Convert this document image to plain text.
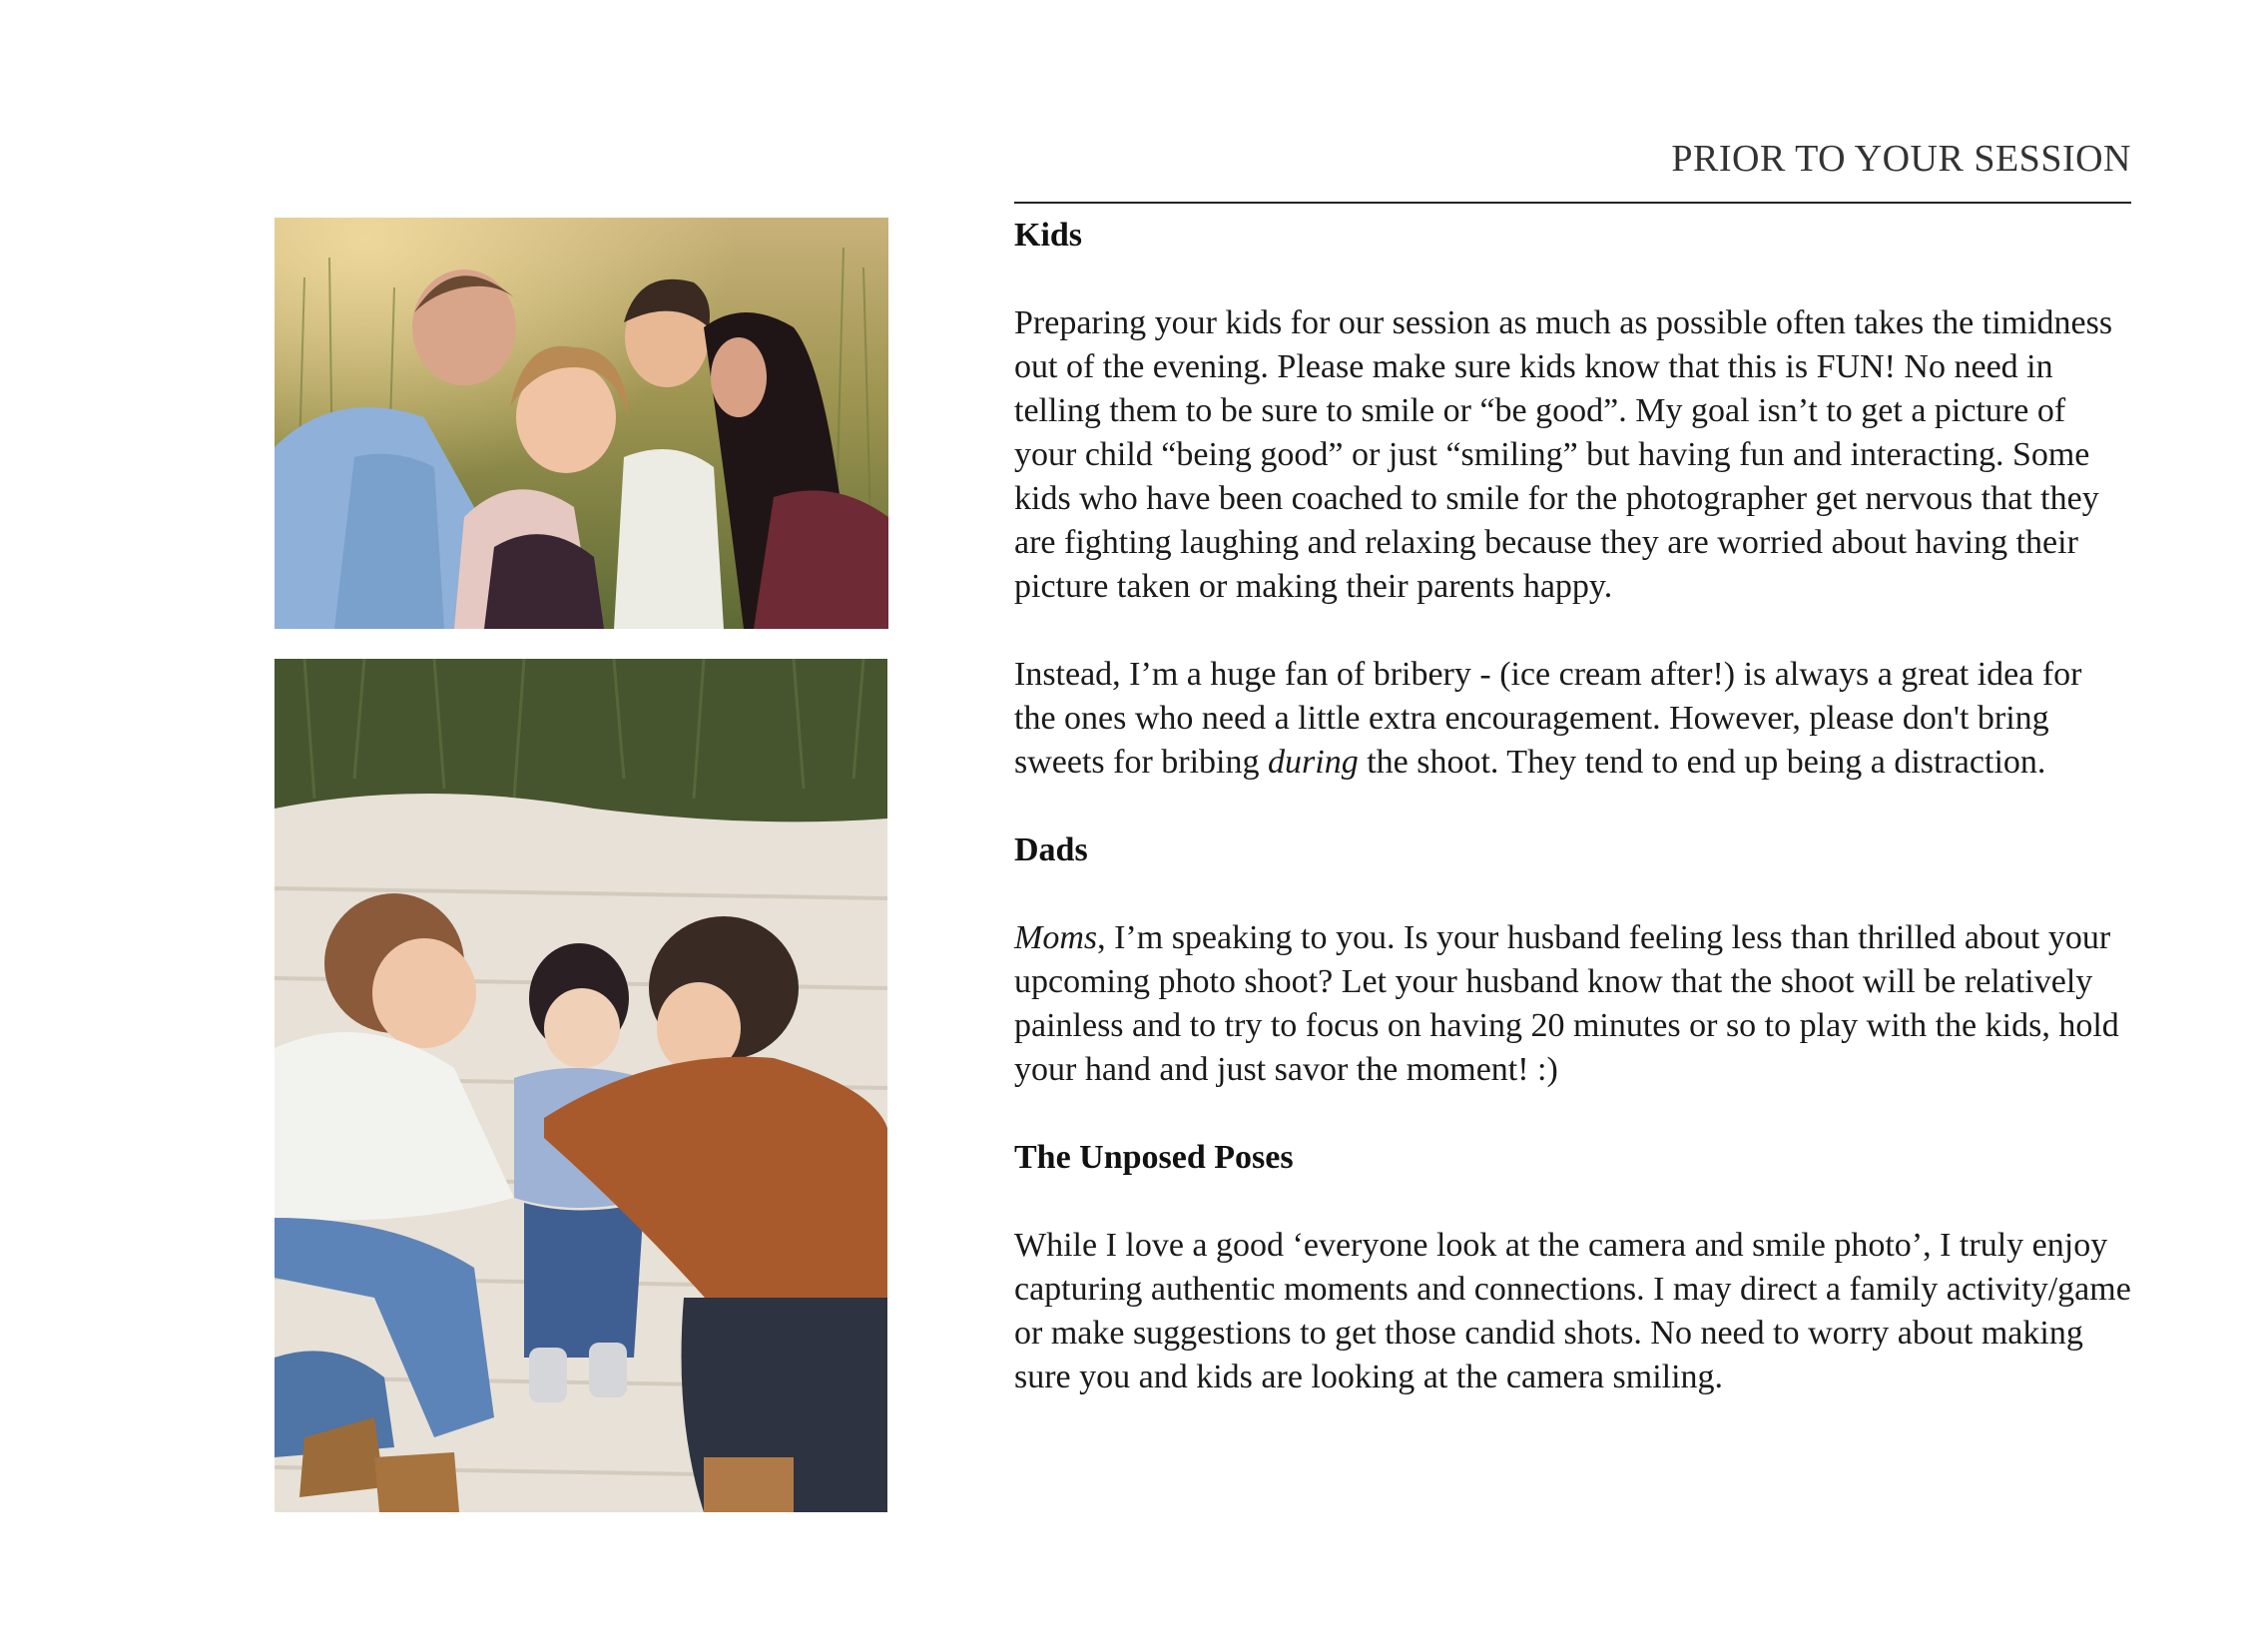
PRIOR TO YOUR SESSION
Kids

Preparing your kids for our session as much as possible often takes the timidness out of the evening. Please make sure kids know that this is FUN! No need in telling them to be sure to smile or “be good”. My goal isn’t to get a picture of your child “being good” or just “smiling” but having fun and interacting. Some kids who have been coached to smile for the photographer get nervous that they are fighting laughing and relaxing because they are worried about having their picture taken or making their parents happy.

Instead, I’m a huge fan of bribery - (ice cream after!) is always a great idea for the ones who need a little extra encouragement. However, please don't bring sweets for bribing during the shoot. They tend to end up being a distraction.

Dads

Moms, I’m speaking to you. Is your husband feeling less than thrilled about your upcoming photo shoot? Let your husband know that the shoot will be relatively painless and to try to focus on having 20 minutes or so to play with the kids, hold your hand and just savor the moment! :)

The Unposed Poses

While I love a good ‘everyone look at the camera and smile photo’, I truly enjoy capturing authentic moments and connections. I may direct a family activity/game or make suggestions to get those candid shots. No need to worry about making sure you and kids are looking at the camera smiling.
